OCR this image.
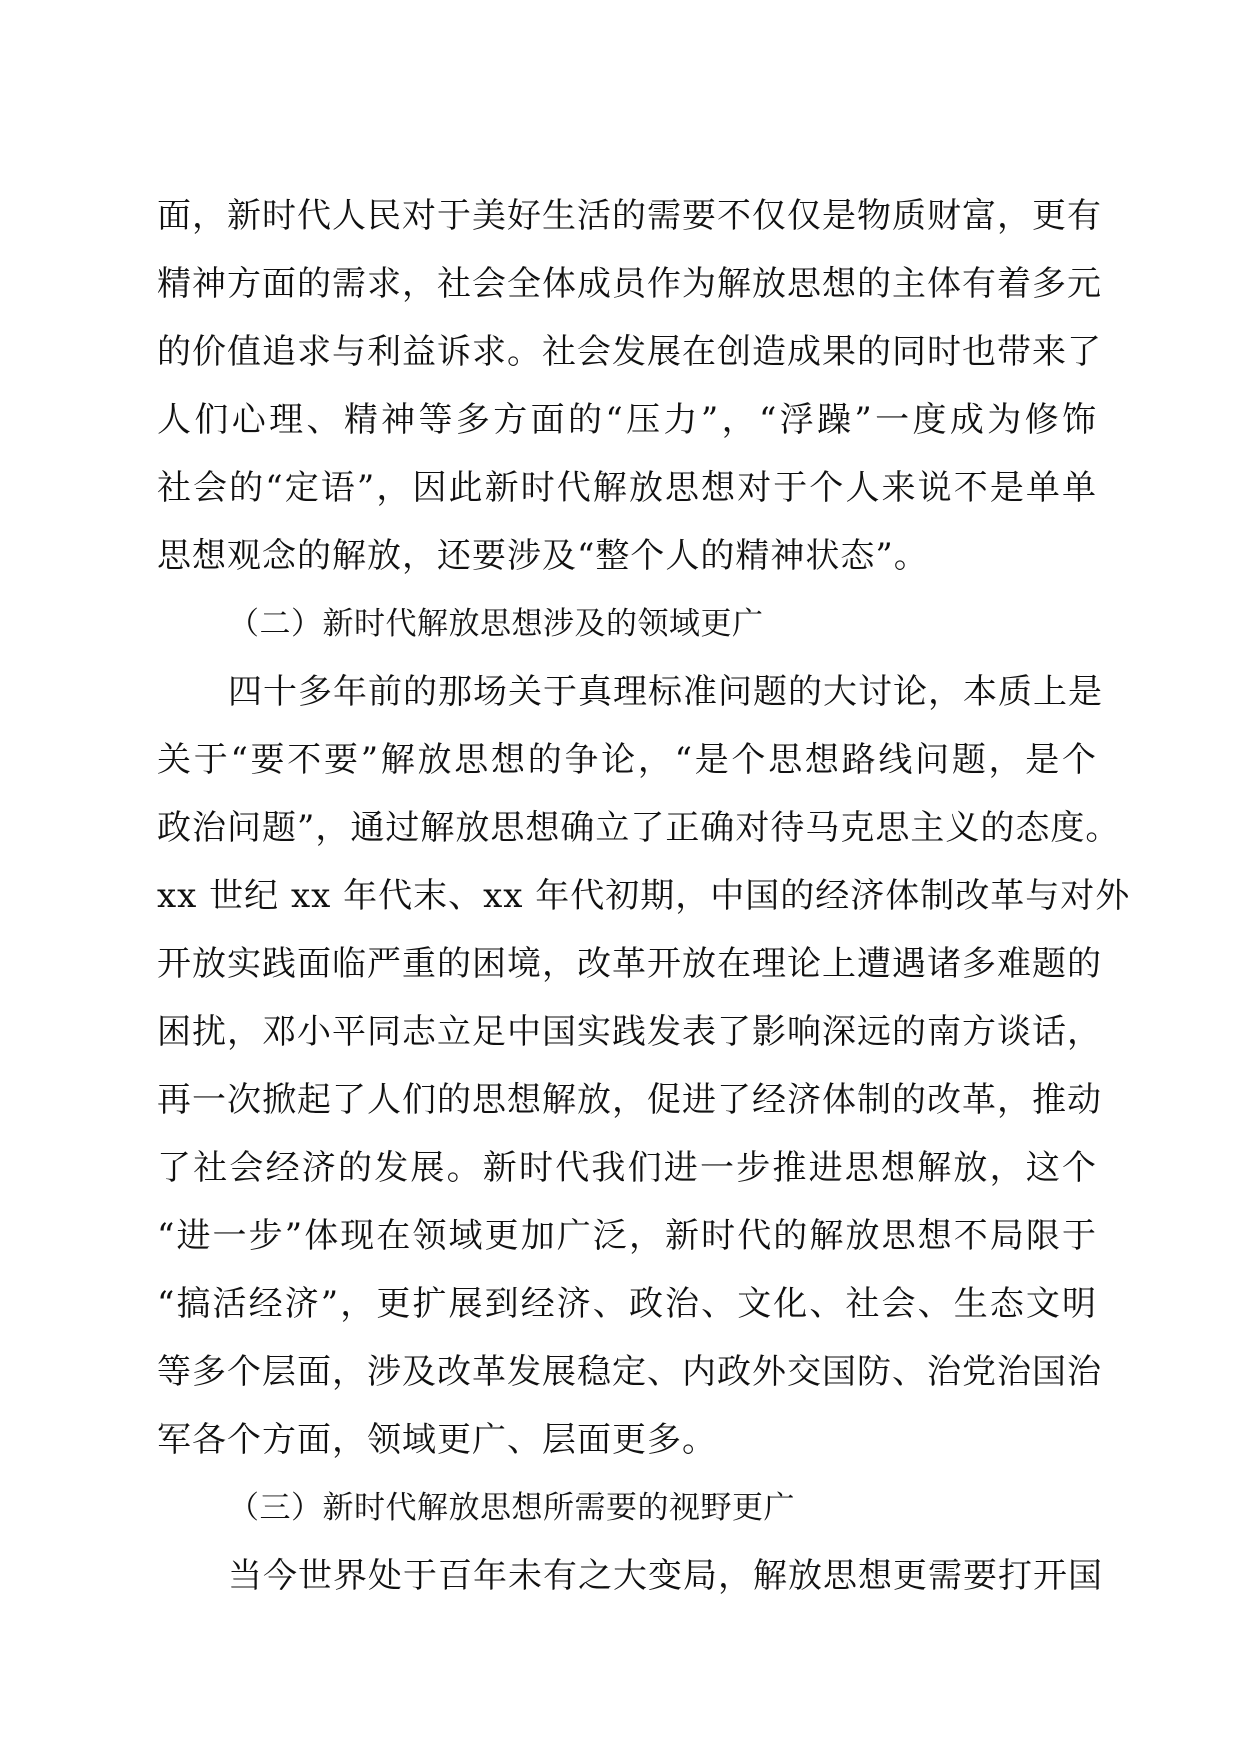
面，新时代人民对于美好生活的需要不仅仅是物质财富，更有
精神方面的需求，社会全体成员作为解放思想的主体有着多元
的价值追求与利益诉求。社会发展在创造成果的同时也带来了
人们心理、精神等多方面的“压力”，“浮躁”一度成为修饰
社会的“定语”，因此新时代解放思想对于个人来说不是单单
思想观念的解放，还要涉及“整个人的精神状态”。
（二）新时代解放思想涉及的领域更广
四十多年前的那场关于真理标准问题的大讨论，本质上是
关于“要不要”解放思想的争论，“是个思想路线问题，是个
政治问题”，通过解放思想确立了正确对待马克思主义的态度。
xx 世纪 xx 年代末、xx 年代初期，中国的经济体制改革与对外
开放实践面临严重的困境，改革开放在理论上遭遇诸多难题的
困扰，邓小平同志立足中国实践发表了影响深远的南方谈话，
再一次掀起了人们的思想解放，促进了经济体制的改革，推动
了社会经济的发展。新时代我们进一步推进思想解放，这个
“进一步”体现在领域更加广泛，新时代的解放思想不局限于
“搞活经济”，更扩展到经济、政治、文化、社会、生态文明
等多个层面，涉及改革发展稳定、内政外交国防、治党治国治
军各个方面，领域更广、层面更多。
（三）新时代解放思想所需要的视野更广
当今世界处于百年未有之大变局，解放思想更需要打开国
